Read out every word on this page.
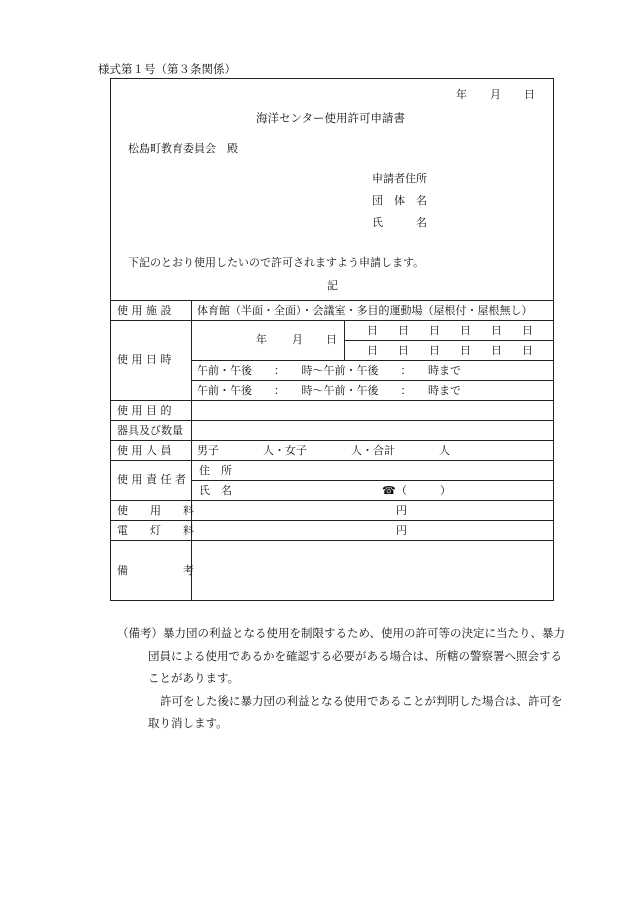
様式第１号（第３条関係）
年 月 日
海洋センター使用許可申請書
松島町教育委員会　殿
申請者住所
団　体　名
氏　　　名
下記のとおり使用したいので許可されますよう申請します。
記
使 用 施 設 体育館（半面・全面）・会議室・多目的運動場（屋根付・屋根無し）
使 用 日 時
年 月 日
日 日 日 日 日 日
日 日 日 日 日 日
午前・午後　　：　　時〜午前・午後　　：　　時まで
午前・午後　　：　　時〜午前・午後　　：　　時まで
使 用 目 的
器具及び数量
使 用 人 員 男子　　　　人・女子　　　　人・合計　　　　人
使 用 責 任 者
住　所
氏　名	☎ （　　　）
使　　用　　料	円
電　　灯　　料	円
備　　　　　考
（備考）暴力団の利益となる使用を制限するため、使用の許可等の決定に当たり、暴力
団員による使用であるかを確認する必要がある場合は、所轄の警察署へ照会する
ことがあります。
許可をした後に暴力団の利益となる使用であることが判明した場合は、許可を
取り消します。
